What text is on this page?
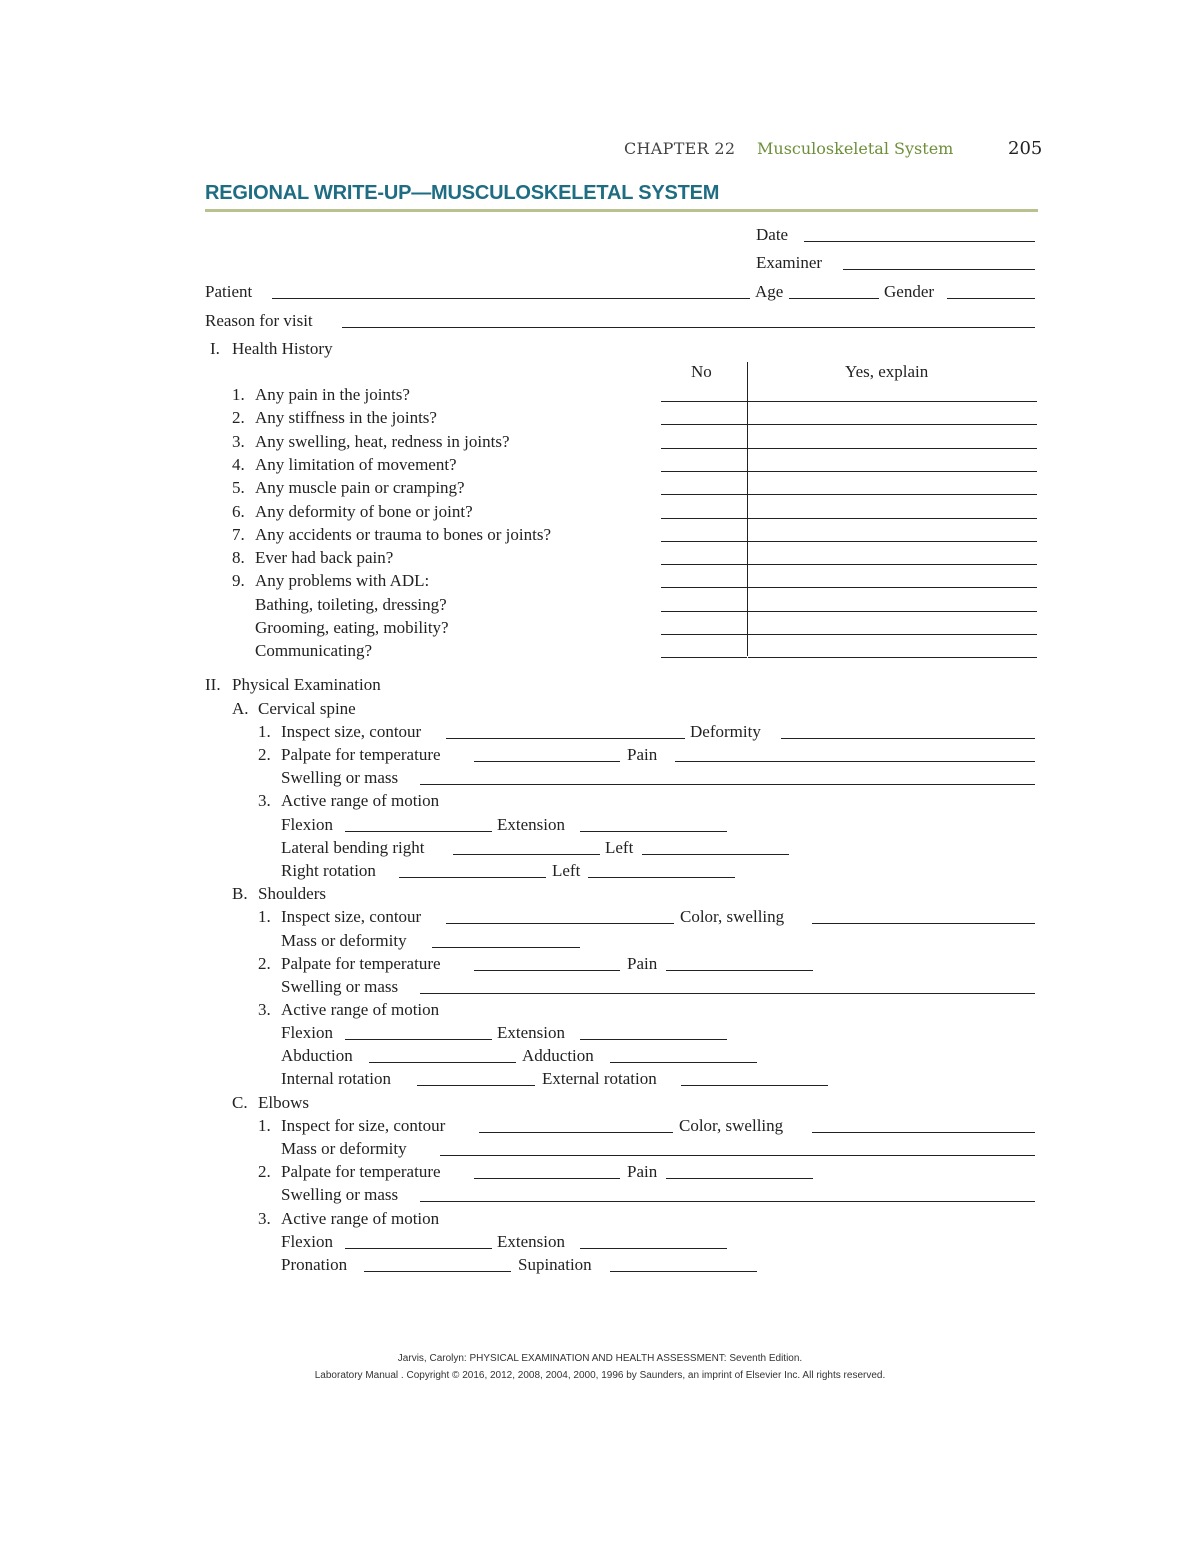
CHAPTER 22 Musculoskeletal System	205
REGIONAL WRITE-UP—MUSCULOSKELETAL SYSTEM
Date
Examiner
Patient	Age	Gender
Reason for visit
I. Health History
No	Yes, explain
1. Any pain in the joints?
2. Any stiffness in the joints?
3. Any swelling, heat, redness in joints?
4. Any limitation of movement?
5. Any muscle pain or cramping?
6. Any deformity of bone or joint?
7. Any accidents or trauma to bones or joints?
8. Ever had back pain?
9. Any problems with ADL:
Bathing, toileting, dressing?
Grooming, eating, mobility?
Communicating?
II. Physical Examination
A. Cervical spine
1. Inspect size, contour	Deformity
2. Palpate for temperature	Pain
Swelling or mass
3. Active range of motion
Flexion	Extension
Lateral bending right	Left
Right rotation	Left
B. Shoulders
1. Inspect size, contour	Color, swelling
Mass or deformity
2. Palpate for temperature	Pain
Swelling or mass
3. Active range of motion
Flexion	Extension
Abduction	Adduction
Internal rotation	External rotation
C. Elbows
1. Inspect for size, contour	Color, swelling
Mass or deformity
2. Palpate for temperature	Pain
Swelling or mass
3. Active range of motion
Flexion	Extension
Pronation	Supination
Jarvis, Carolyn: PHYSICAL EXAMINATION AND HEALTH ASSESSMENT: Seventh Edition.
Laboratory Manual . Copyright © 2016, 2012, 2008, 2004, 2000, 1996 by Saunders, an imprint of Elsevier Inc. All rights reserved.
